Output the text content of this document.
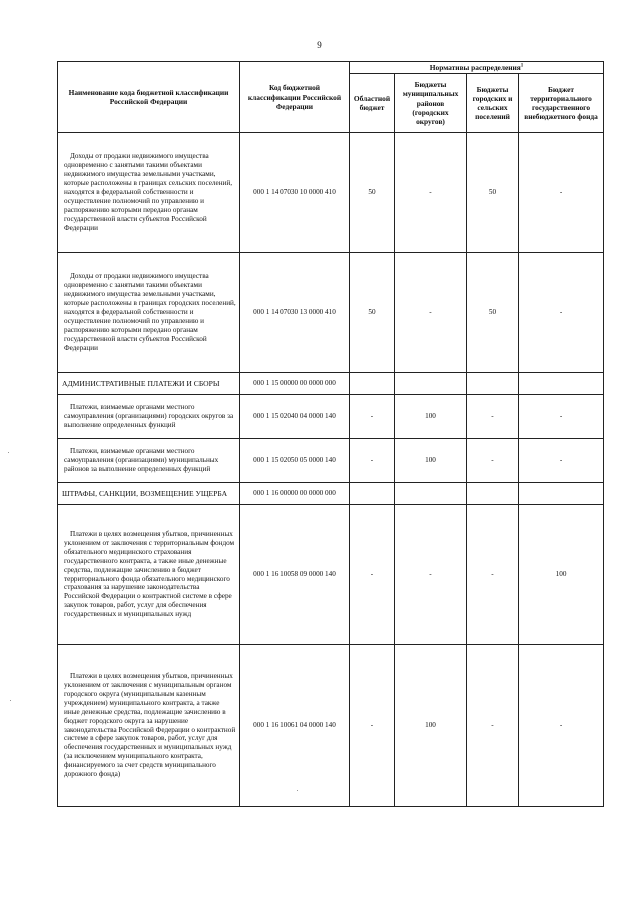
9
Наименование кода бюджетной классификации Российской Федерации	Код бюджетной классификации Российской Федерации	Нормативы распределения$^1$
		Областной бюджет	Бюджеты муниципальных районов (городских округов)	Бюджеты городских и сельских поселений	Бюджет территориального государственного внебюджетного фонда
Доходы от продажи недвижимого имущества одновременно с занятыми такими объектами недвижимого имущества земельными участками, которые расположены в границах сельских поселений, находятся в федеральной собственности и осуществление полномочий по управлению и распоряжению которыми передано органам государственной власти субъектов Российской Федерации	000 1 14 07030 10 0000 410	50	-	50	-
Доходы от продажи недвижимого имущества одновременно с занятыми такими объектами недвижимого имущества земельными участками, которые расположены в границах городских поселений, находятся в федеральной собственности и осуществление полномочий по управлению и распоряжению которыми передано органам государственной власти субъектов Российской Федерации	000 1 14 07030 13 0000 410	50	-	50	-
АДМИНИСТРАТИВНЫЕ ПЛАТЕЖИ И СБОРЫ	000 1 15 00000 00 0000 000				
Платежи, взимаемые органами местного самоуправления (организациями) городских округов за выполнение определенных функций	000 1 15 02040 04 0000 140	-	100	-	-
Платежи, взимаемые органами местного самоуправления (организациями) муниципальных районов за выполнение определенных функций	000 1 15 02050 05 0000 140	-	100	-	-
ШТРАФЫ, САНКЦИИ, ВОЗМЕЩЕНИЕ УЩЕРБА	000 1 16 00000 00 0000 000				
Платежи в целях возмещения убытков, причиненных уклонением от заключения с территориальным фондом обязательного медицинского страхования государственного контракта, а также иные денежные средства, подлежащие зачислению в бюджет территориального фонда обязательного медицинского страхования за нарушение законодательства Российской Федерации о контрактной системе в сфере закупок товаров, работ, услуг для обеспечения государственных и муниципальных нужд	000 1 16 10058 09 0000 140	-	-	-	100
Платежи в целях возмещения убытков, причиненных уклонением от заключения с муниципальным органом городского округа (муниципальным казенным учреждением) муниципального контракта, а также иные денежные средства, подлежащие зачислению в бюджет городского округа за нарушение законодательства Российской Федерации о контрактной системе в сфере закупок товаров, работ, услуг для обеспечения государственных и муниципальных нужд (за исключением муниципального контракта, финансируемого за счет средств муниципального дорожного фонда)	000 1 16 10061 04 0000 140	-	100	-	-
